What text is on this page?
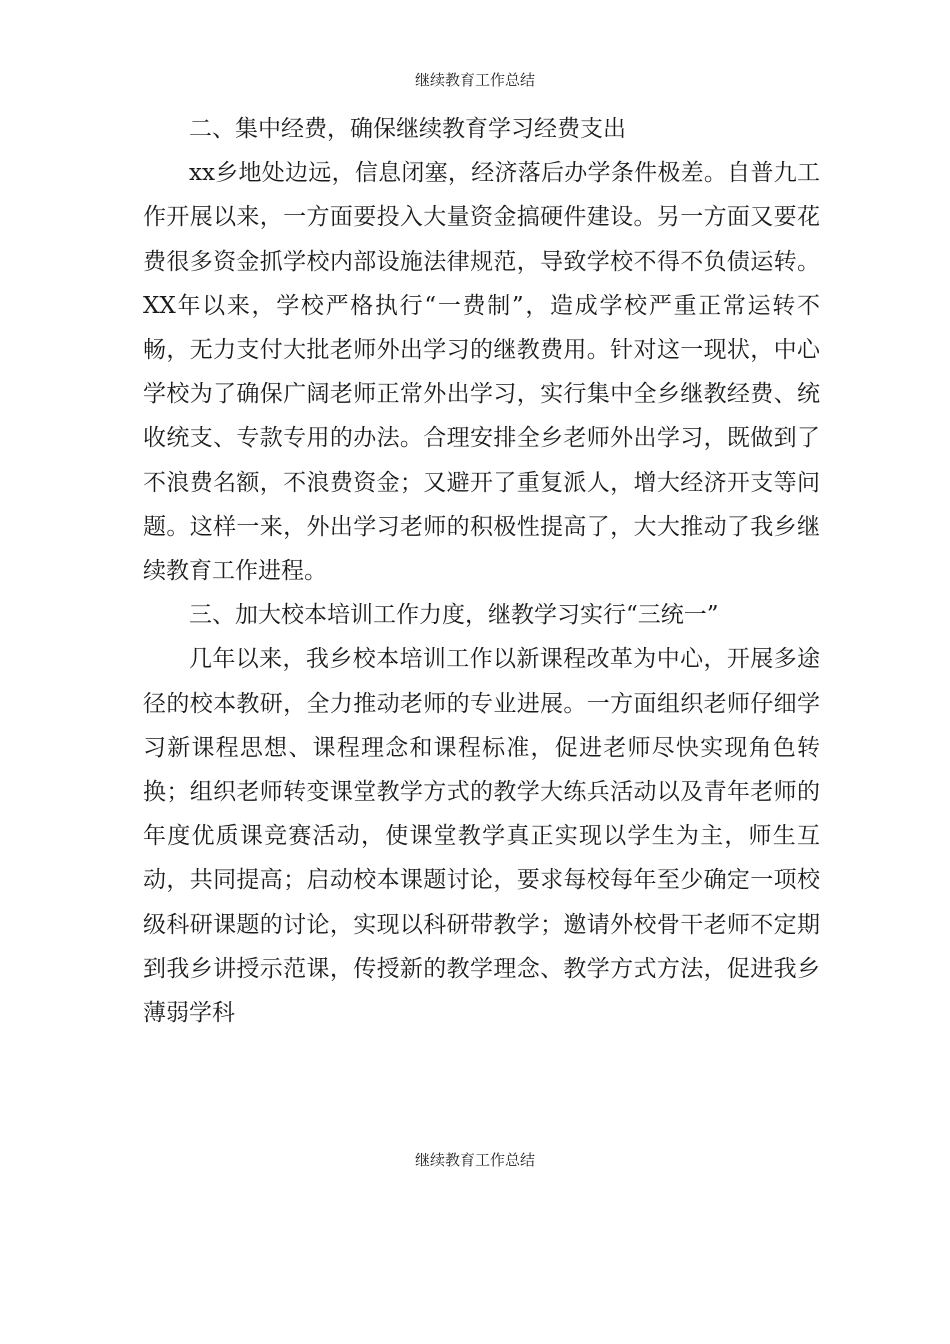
继续教育工作总结

二、集中经费，确保继续教育学习经费支出

xx乡地处边远，信息闭塞，经济落后办学条件极差。自普九工作开展以来，一方面要投入大量资金搞硬件建设。另一方面又要花费很多资金抓学校内部设施法律规范，导致学校不得不负债运转。XX年以来，学校严格执行“一费制”，造成学校严重正常运转不畅，无力支付大批老师外出学习的继教费用。针对这一现状，中心学校为了确保广阔老师正常外出学习，实行集中全乡继教经费、统收统支、专款专用的办法。合理安排全乡老师外出学习，既做到了不浪费名额，不浪费资金；又避开了重复派人，增大经济开支等问题。这样一来，外出学习老师的积极性提高了，大大推动了我乡继续教育工作进程。

三、加大校本培训工作力度，继教学习实行“三统一”

几年以来，我乡校本培训工作以新课程改革为中心，开展多途径的校本教研，全力推动老师的专业进展。一方面组织老师仔细学习新课程思想、课程理念和课程标准，促进老师尽快实现角色转换；组织老师转变课堂教学方式的教学大练兵活动以及青年老师的年度优质课竞赛活动，使课堂教学真正实现以学生为主，师生互动，共同提高；启动校本课题讨论，要求每校每年至少确定一项校级科研课题的讨论，实现以科研带教学；邀请外校骨干老师不定期到我乡讲授示范课，传授新的教学理念、教学方式方法，促进我乡薄弱学科

继续教育工作总结
